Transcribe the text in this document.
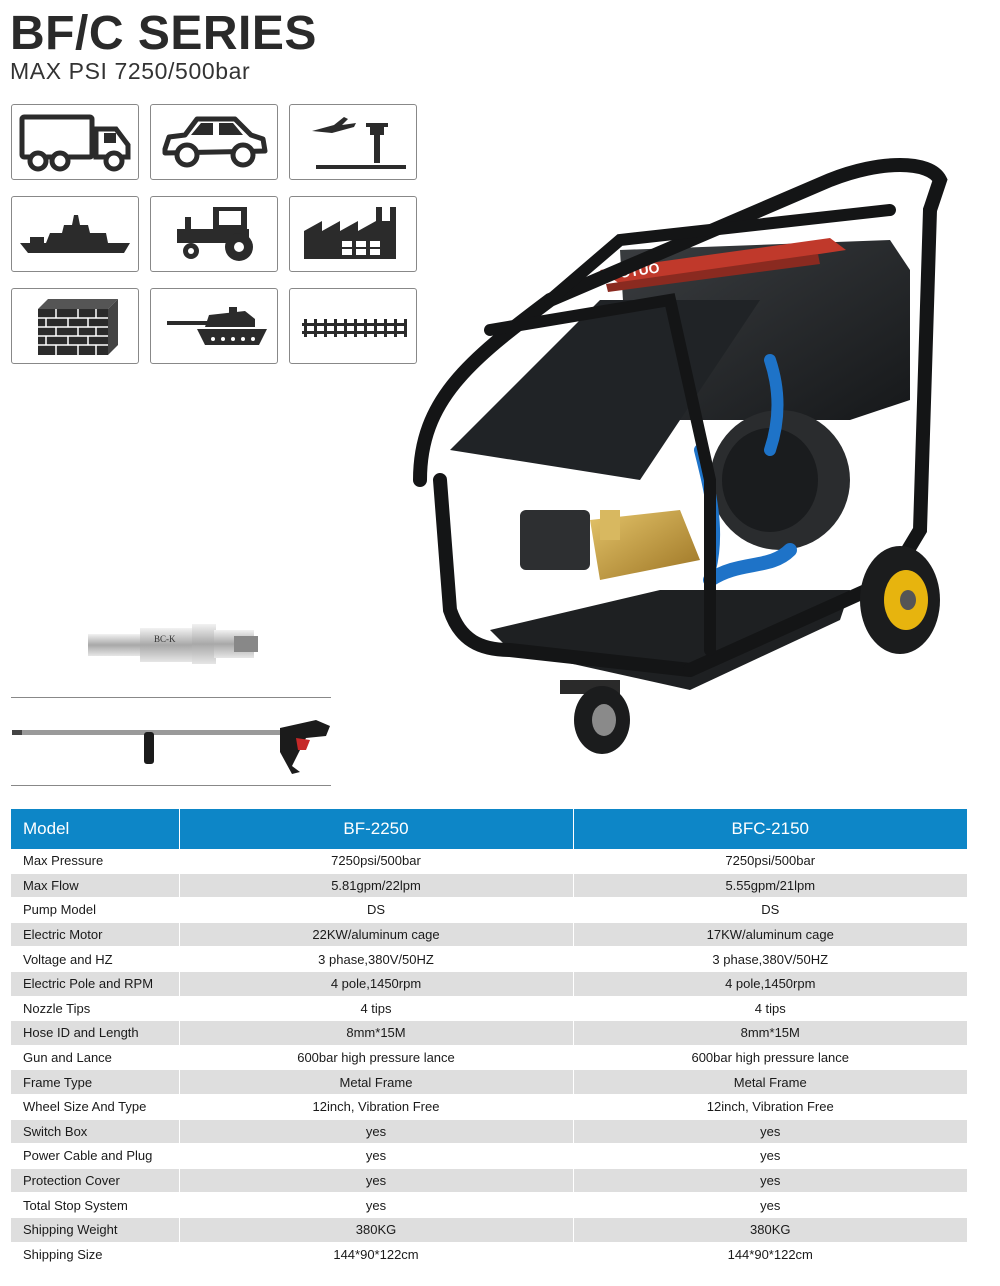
BF/C SERIES
MAX PSI 7250/500bar
OTUO
BC-K
Model	BF-2250	BFC-2150
Max Pressure	7250psi/500bar	7250psi/500bar
Max Flow	5.81gpm/22lpm	5.55gpm/21lpm
Pump Model	DS	DS
Electric Motor	22KW/aluminum cage	17KW/aluminum cage
Voltage and HZ	3 phase,380V/50HZ	3 phase,380V/50HZ
Electric Pole and RPM	4 pole,1450rpm	4 pole,1450rpm
Nozzle Tips	4 tips	4 tips
Hose ID and Length	8mm*15M	8mm*15M
Gun and Lance	600bar high pressure lance	600bar high pressure lance
Frame Type	Metal Frame	Metal Frame
Wheel Size And Type	12inch, Vibration Free	12inch, Vibration Free
Switch Box	yes	yes
Power Cable and Plug	yes	yes
Protection Cover	yes	yes
Total Stop System	yes	yes
Shipping Weight	380KG	380KG
Shipping Size	144*90*122cm	144*90*122cm
